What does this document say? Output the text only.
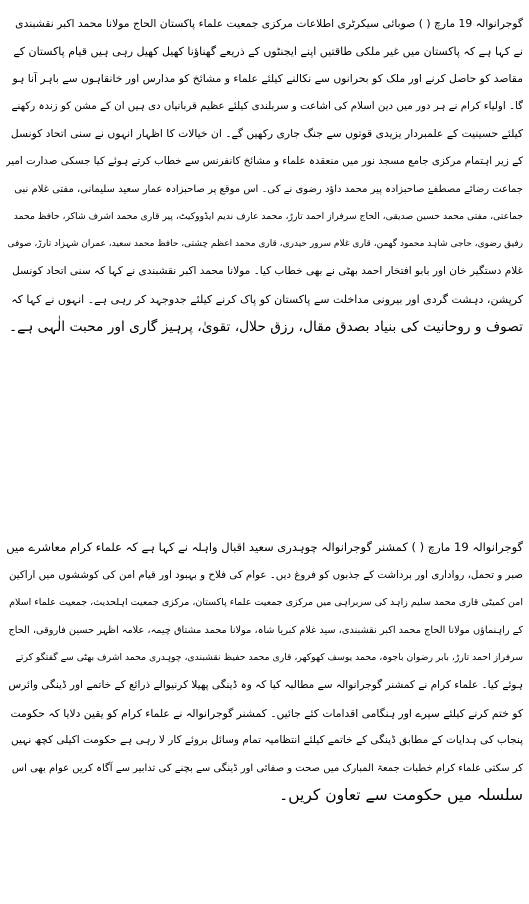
گوجرانوالہ 19 مارچ ( ) صوبائی سیکرٹری اطلاعات مرکزی جمعیت علماء پاکستان الحاج مولانا محمد اکبر نقشبندی
نے کہا ہے کہ پاکستان میں غیر ملکی طاقتیں اپنے ایجنٹوں کے ذریعے گھناؤنا کھیل کھیل رہی ہیں قیام پاکستان کے
مقاصد کو حاصل کرنے اور ملک کو بحرانوں سے نکالنے کیلئے علماء و مشائخ کو مدارس اور خانقاہوں سے باہر آنا ہو
گا۔ اولیاء کرام نے ہر دور میں دین اسلام کی اشاعت و سربلندی کیلئے عظیم قربانیاں دی ہیں ان کے مشن کو زندہ رکھنے
کیلئے حسینیت کے علمبردار یزیدی قوتوں سے جنگ جاری رکھیں گے۔ ان خیالات کا اظہار انہوں نے سنی اتحاد کونسل
کے زیر اہتمام مرکزی جامع مسجد نور میں منعقدہ علماء و مشائخ کانفرنس سے خطاب کرتے ہوئے کیا جسکی صدارت امیر
جماعت رضائے مصطفےٰ صاحبزادہ پیر محمد داؤد رضوی نے کی۔ اس موقع پر صاحبزادہ عمار سعید سلیمانی، مفتی غلام نبی
جماعتی، مفتی محمد حسین صدیقی، الحاج سرفراز احمد تارڑ، محمد عارف ندیم ایڈووکیٹ، پیر قاری محمد اشرف شاکر، حافظ محمد
رفیق رضوی، حاجی شاہد محمود گھمن، قاری غلام سرور حیدری، قاری محمد اعظم چشتی، حافظ محمد سعید، عمران شہزاد تارڑ، صوفی
غلام دستگیر خان اور بابو افتخار احمد بھٹی نے بھی خطاب کیا۔ مولانا محمد اکبر نقشبندی نے کہا کہ سنی اتحاد کونسل
کرپشن، دہشت گردی اور بیرونی مداخلت سے پاکستان کو پاک کرنے کیلئے جدوجہد کر رہی ہے۔ انہوں نے کہا کہ
تصوف و روحانیت کی بنیاد بصدق مقال، رزق حلال، تقویٰ، پرہیز گاری اور محبت الٰہی ہے۔
گوجرانوالہ 19 مارچ ( ) کمشنر گوجرانوالہ چوہدری سعید اقبال واہلہ نے کہا ہے کہ علماء کرام معاشرے میں
صبر و تحمل، رواداری اور برداشت کے جذبوں کو فروغ دیں۔ عوام کی فلاح و بہبود اور قیام امن کی کوششوں میں اراکین
امن کمیٹی قاری محمد سلیم زاہد کی سربراہی میں مرکزی جمعیت علماء پاکستان، مرکزی جمعیت اہلحدیث، جمعیت علماء اسلام
کے راہنماؤں مولانا الحاج محمد اکبر نقشبندی، سید غلام کبریا شاہ، مولانا محمد مشتاق چیمہ، علامہ اظہر حسین فاروقی، الحاج
سرفراز احمد تارڑ، بابر رضوان باجوہ، محمد یوسف کھوکھر، قاری محمد حفیظ نقشبندی، چوہدری محمد اشرف بھٹی سے گفتگو کرتے
ہوئے کیا۔ علماء کرام نے کمشنر گوجرانوالہ سے مطالبہ کیا کہ وہ ڈینگی پھیلا کرنیوالے ذرائع کے خاتمے اور ڈینگی وائرس
کو ختم کرنے کیلئے سپرے اور ہنگامی اقدامات کئے جائیں۔ کمشنر گوجرانوالہ نے علماء کرام کو یقین دلایا کہ حکومت
پنجاب کی ہدایات کے مطابق ڈینگی کے خاتمے کیلئے انتظامیہ تمام وسائل بروئے کار لا رہی ہے حکومت اکیلی کچھ نہیں
کر سکتی علماء کرام خطبات جمعۃ المبارک میں صحت و صفائی اور ڈینگی سے بچنے کی تدابیر سے آگاہ کریں عوام بھی اس
سلسلہ میں حکومت سے تعاون کریں۔
